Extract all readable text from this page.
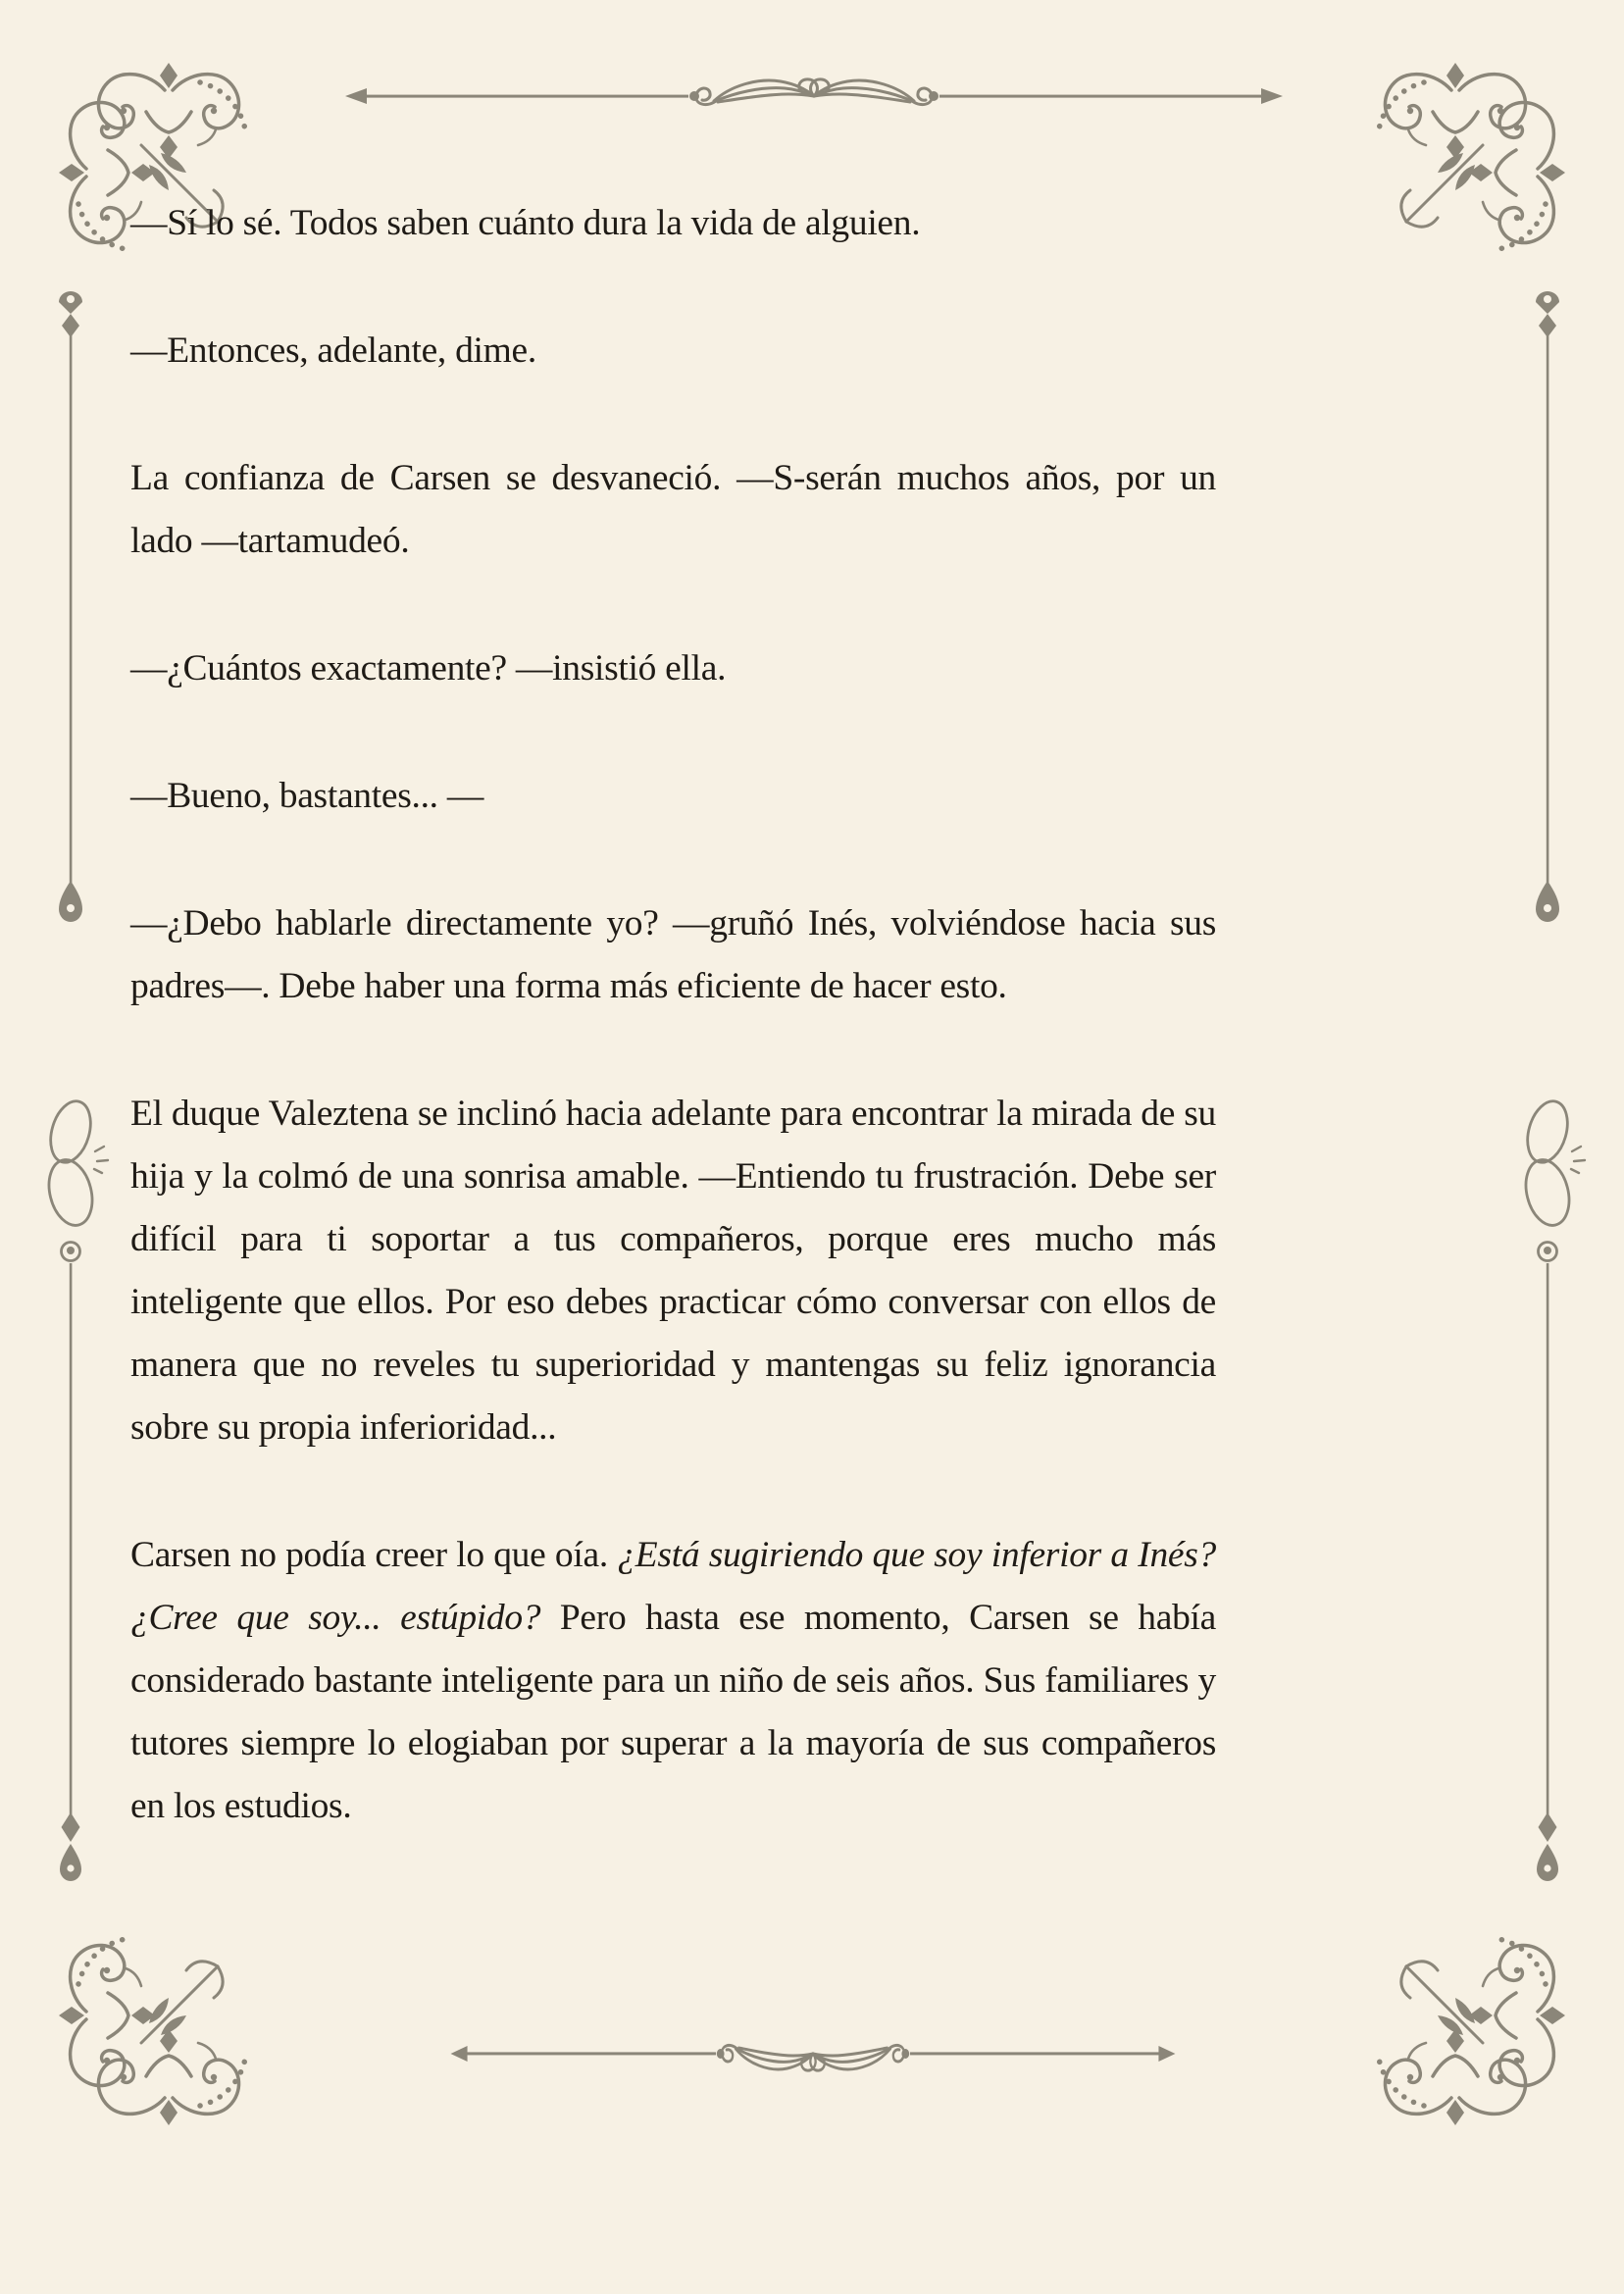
—Sí lo sé. Todos saben cuánto dura la vida de alguien.

—Entonces, adelante, dime.

La confianza de Carsen se desvaneció. —S-serán muchos años, por un lado —tartamudeó.

—¿Cuántos exactamente? —insistió ella.

—Bueno, bastantes... —

—¿Debo hablarle directamente yo? —gruñó Inés, volviéndose hacia sus padres—. Debe haber una forma más eficiente de hacer esto.

El duque Valeztena se inclinó hacia adelante para encontrar la mirada de su hija y la colmó de una sonrisa amable. —Entiendo tu frustración. Debe ser difícil para ti soportar a tus compañeros, porque eres mucho más inteligente que ellos. Por eso debes practicar cómo conversar con ellos de manera que no reveles tu superioridad y mantengas su feliz ignorancia sobre su propia inferioridad...

Carsen no podía creer lo que oía. ¿Está sugiriendo que soy inferior a Inés? ¿Cree que soy... estúpido? Pero hasta ese momento, Carsen se había considerado bastante inteligente para un niño de seis años. Sus familiares y tutores siempre lo elogiaban por superar a la mayoría de sus compañeros en los estudios.
